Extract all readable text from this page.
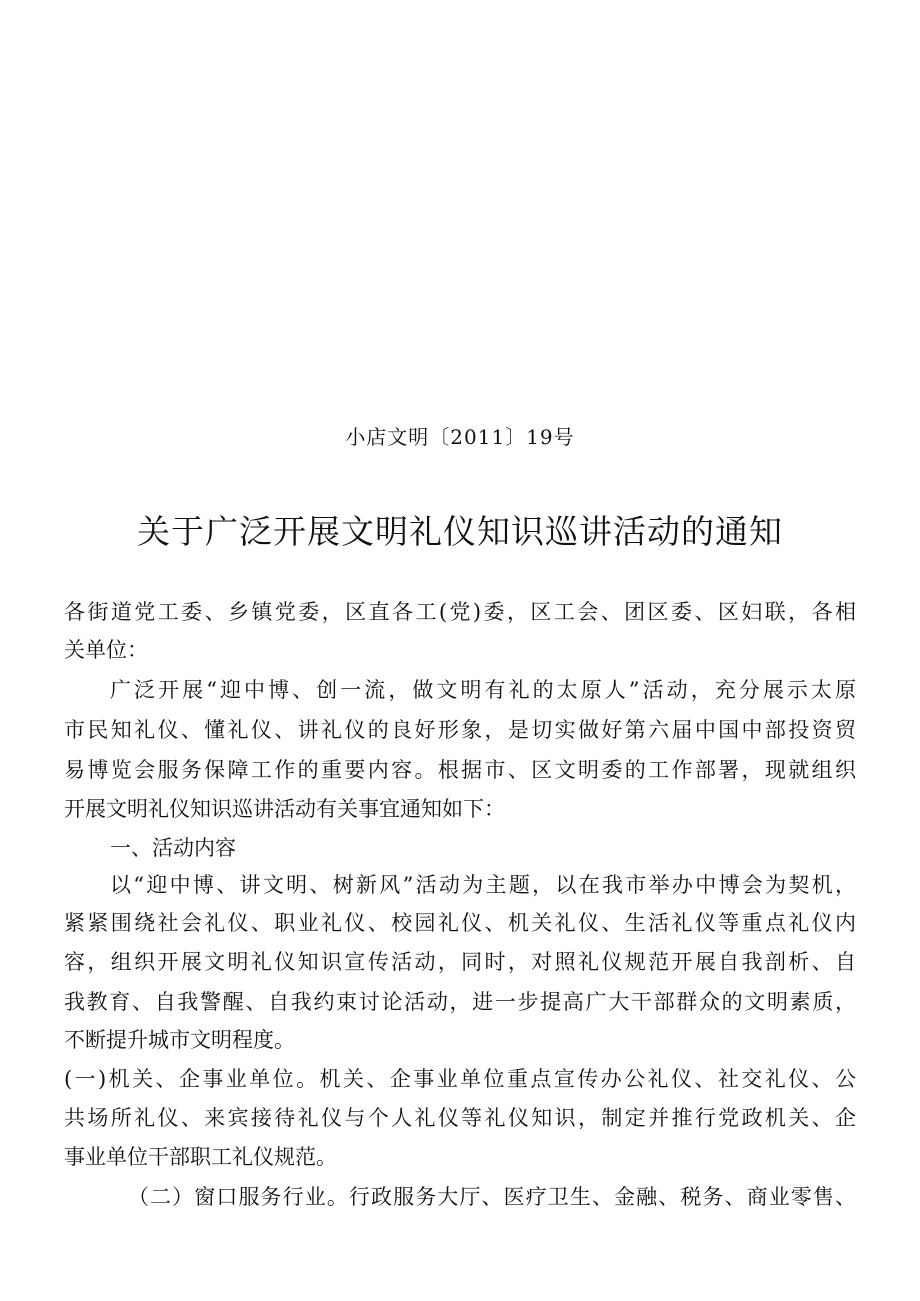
小店文明〔2011〕19号
关于广泛开展文明礼仪知识巡讲活动的通知
各街道党工委、乡镇党委，区直各工(党)委，区工会、团区委、区妇联，各相
关单位：
广泛开展“迎中博、创一流，做文明有礼的太原人”活动，充分展示太原
市民知礼仪、懂礼仪、讲礼仪的良好形象，是切实做好第六届中国中部投资贸
易博览会服务保障工作的重要内容。根据市、区文明委的工作部署，现就组织
开展文明礼仪知识巡讲活动有关事宜通知如下：
一、活动内容
以“迎中博、讲文明、树新风”活动为主题，以在我市举办中博会为契机，
紧紧围绕社会礼仪、职业礼仪、校园礼仪、机关礼仪、生活礼仪等重点礼仪内
容，组织开展文明礼仪知识宣传活动，同时，对照礼仪规范开展自我剖析、自
我教育、自我警醒、自我约束讨论活动，进一步提高广大干部群众的文明素质，
不断提升城市文明程度。
(一)机关、企事业单位。机关、企事业单位重点宣传办公礼仪、社交礼仪、公
共场所礼仪、来宾接待礼仪与个人礼仪等礼仪知识，制定并推行党政机关、企
事业单位干部职工礼仪规范。
（二）窗口服务行业。行政服务大厅、医疗卫生、金融、税务、商业零售、
